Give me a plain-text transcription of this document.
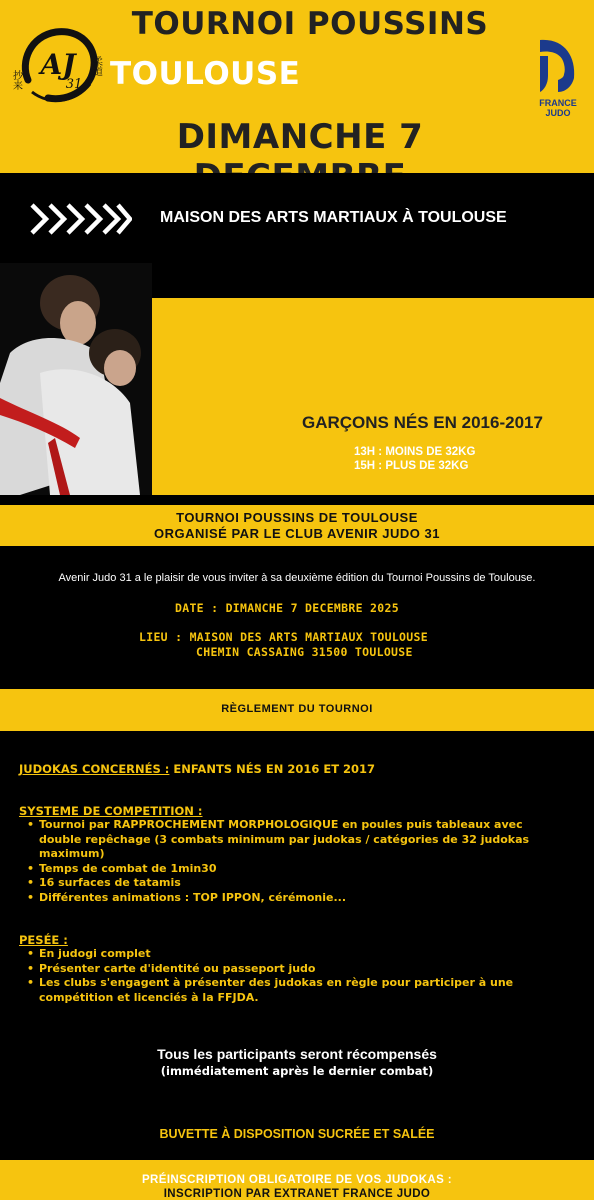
AJ
31
抄来
柔道
TOURNOI POUSSINS
TOULOUSE
DIMANCHE 7
FRANCE
JUDO
MAISON DES ARTS MARTIAUX À TOULOUSE
GARÇONS NÉS EN 2016-2017
13H : MOINS DE 32KG
15H : PLUS DE 32KG
TOURNOI POUSSINS DE TOULOUSE
ORGANISÉ PAR LE CLUB AVENIR JUDO 31
Avenir Judo 31 a le plaisir de vous inviter à sa deuxième édition du Tournoi Poussins de Toulouse.
DATE : DIMANCHE 7 DECEMBRE 2025
LIEU : MAISON DES ARTS MARTIAUX TOULOUSE
CHEMIN CASSAING 31500 TOULOUSE
RÈGLEMENT DU TOURNOI
JUDOKAS CONCERNÉS : ENFANTS NÉS EN 2016 ET 2017
SYSTEME DE COMPETITION :
• Tournoi par RAPPROCHEMENT MORPHOLOGIQUE en poules puis tableaux avec double repêchage (3 combats minimum par judokas / catégories de 32 judokas maximum)
• Temps de combat de 1min30
• 16 surfaces de tatamis
• Différentes animations : TOP IPPON, cérémonie...
PESÉE :
• En judogi complet
• Présenter carte d'identité ou passeport judo
• Les clubs s'engagent à présenter des judokas en règle pour participer à une compétition et licenciés à la FFJDA.
Tous les participants seront récompensés
(immédiatement après le dernier combat)
BUVETTE À DISPOSITION SUCRÉE ET SALÉE
PRÉINSCRIPTION OBLIGATOIRE DE VOS JUDOKAS :
INSCRIPTION PAR EXTRANET FRANCE JUDO
